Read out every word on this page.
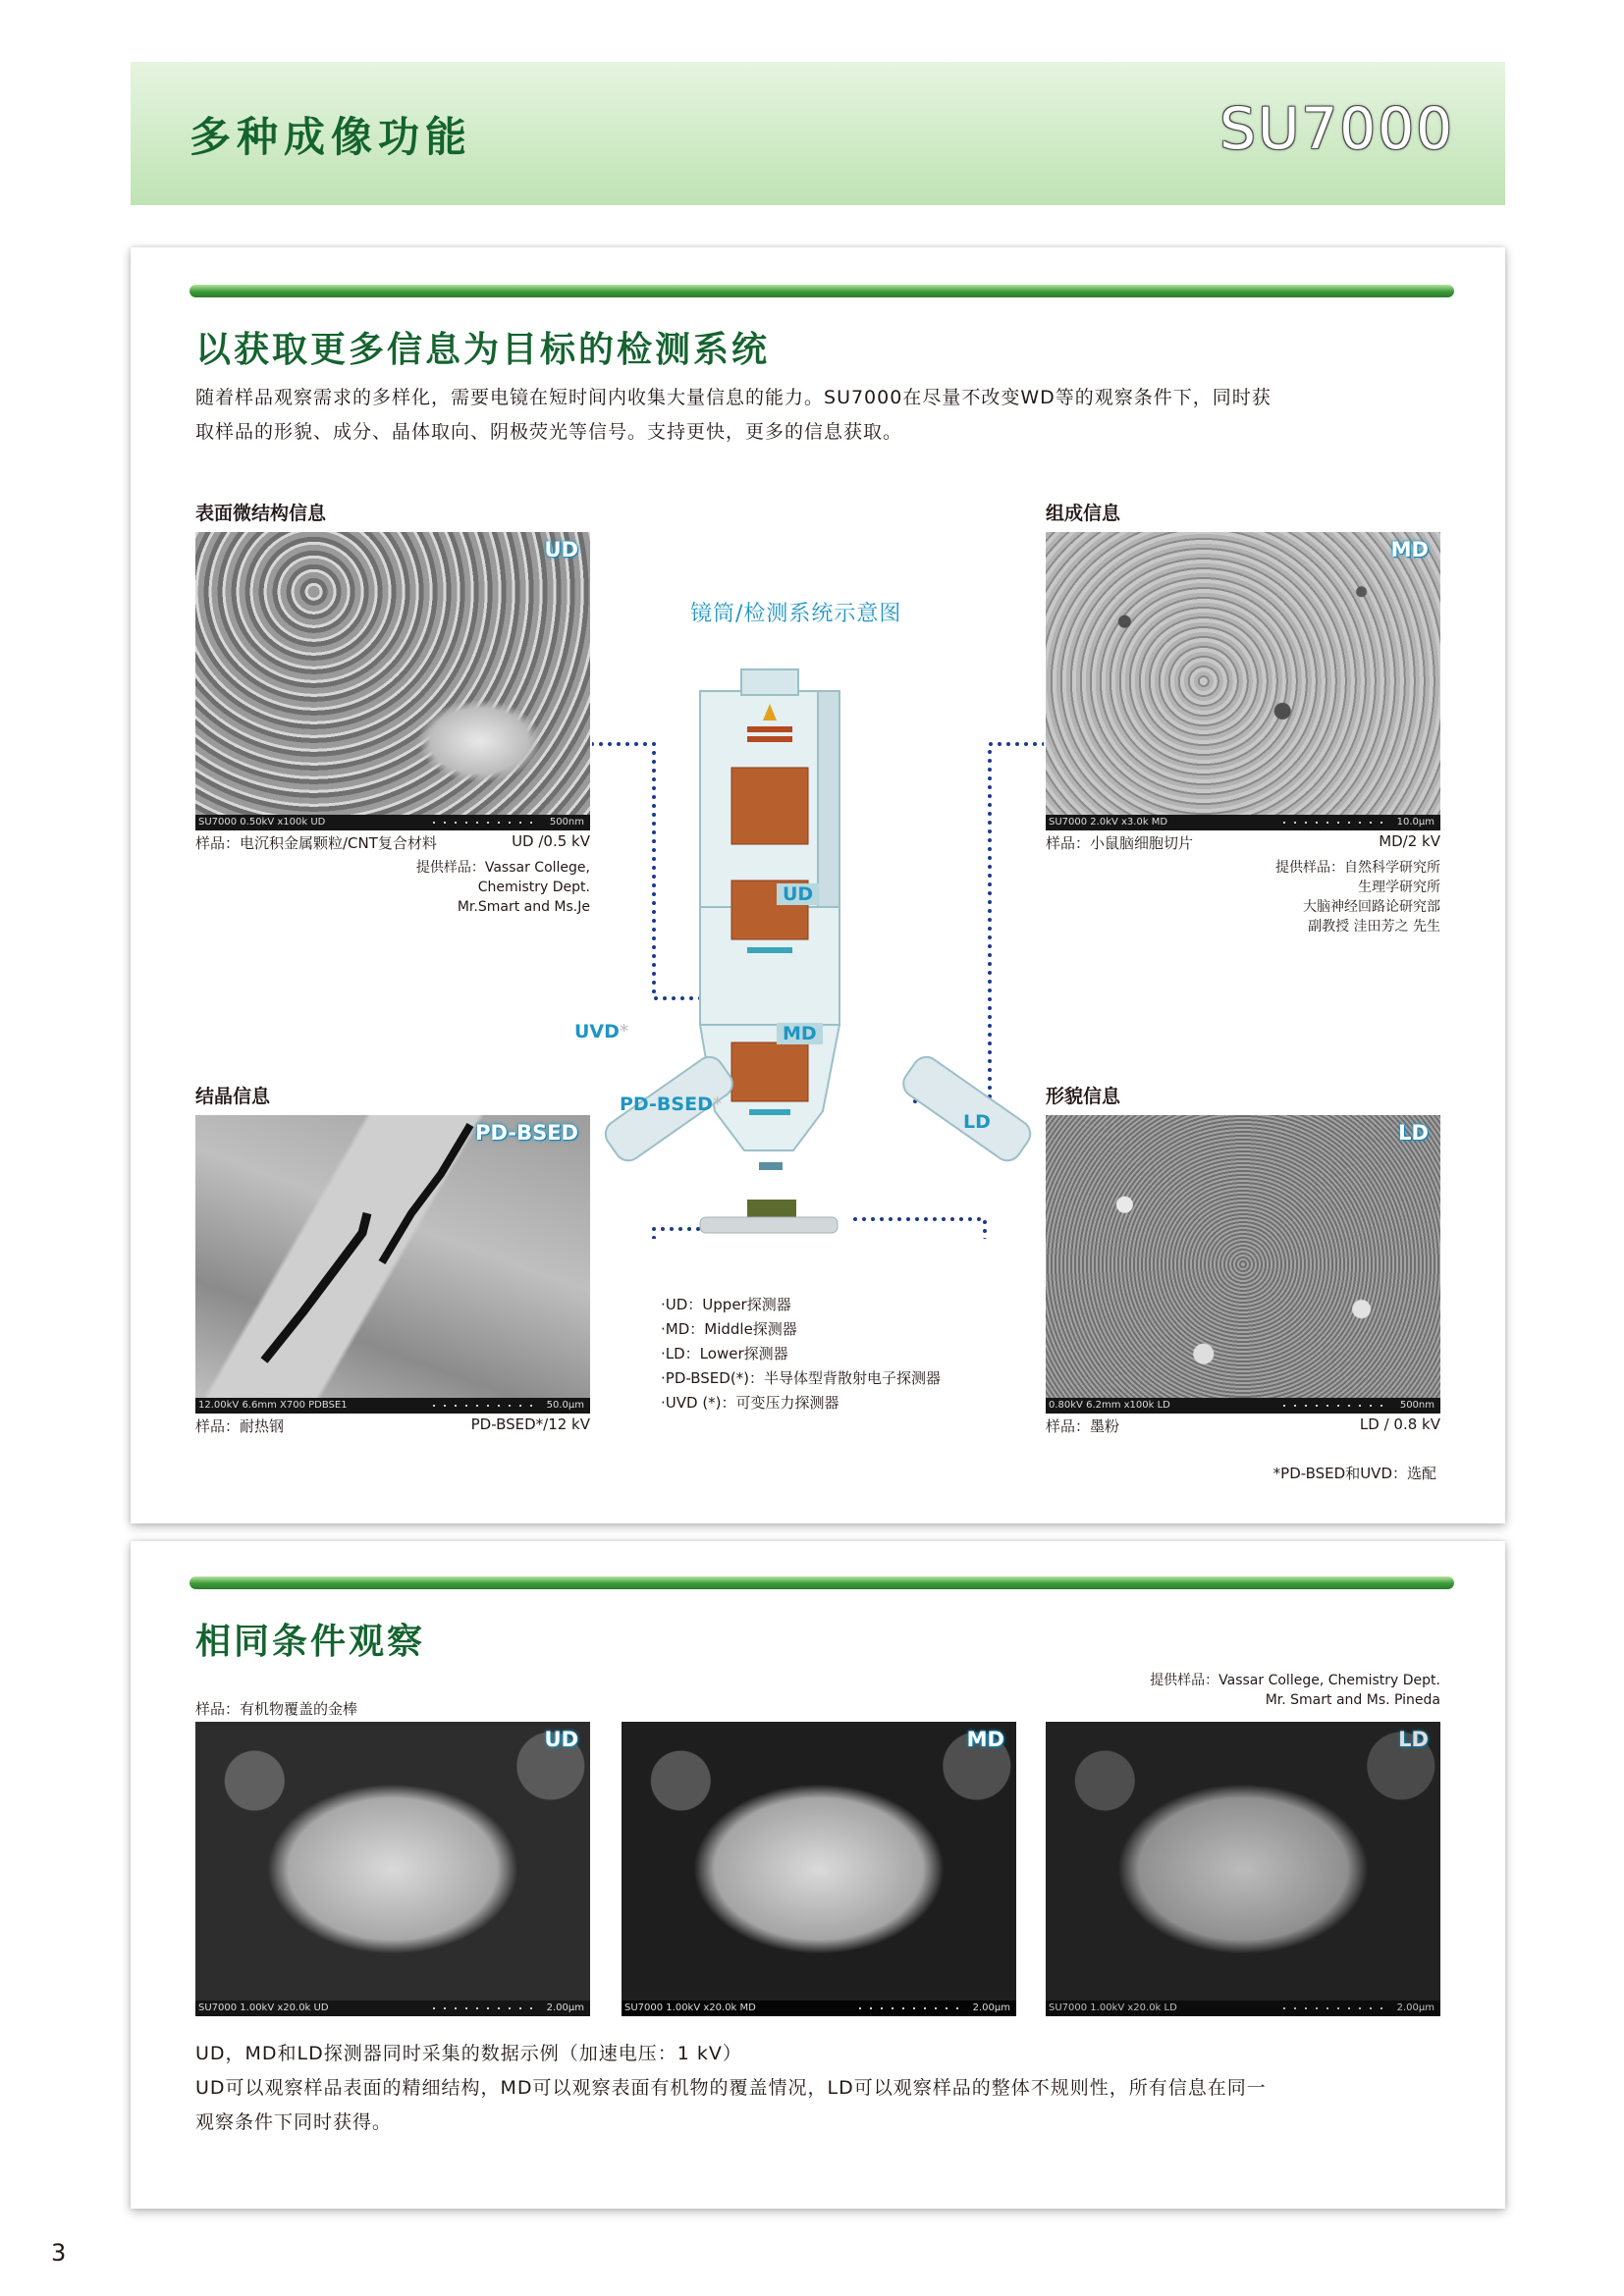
多种成像功能	SU7000
以获取更多信息为目标的检测系统
随着样品观察需求的多样化，需要电镜在短时间内收集大量信息的能力。SU7000在尽量不改变WD等的观察条件下，同时获
取样品的形貌、成分、晶体取向、阴极荧光等信号。支持更快，更多的信息获取。
表面微结构信息
UD
SU7000 0.50kV x100k UD	500nm
样品：电沉积金属颗粒/CNT复合材料	UD /0.5 kV
提供样品：Vassar College,
Chemistry Dept.
Mr.Smart and Ms.Je
组成信息
MD
SU7000 2.0kV x3.0k MD	10.0μm
样品：小鼠脑细胞切片	MD/2 kV
提供样品：自然科学研究所
生理学研究所
大脑神经回路论研究部
副教授 洼田芳之 先生
结晶信息
PD-BSED
12.00kV 6.6mm X700 PDBSE1	50.0μm
样品：耐热钢	PD-BSED*/12 kV
形貌信息
LD
0.80kV 6.2mm x100k LD	500nm
样品：墨粉	LD / 0.8 kV
镜筒/检测系统示意图
UD
MD
UVD*
PD-BSED*
LD
·UD：Upper探测器
·MD：Middle探测器
·LD：Lower探测器
·PD-BSED(*)：半导体型背散射电子探测器
·UVD (*)：可变压力探测器
*PD-BSED和UVD：选配
相同条件观察
提供样品：Vassar College, Chemistry Dept.
Mr. Smart and Ms. Pineda
样品：有机物覆盖的金棒
UD
SU7000 1.00kV x20.0k UD	2.00μm
MD
SU7000 1.00kV x20.0k MD	2.00μm
LD
SU7000 1.00kV x20.0k LD	2.00μm
UD，MD和LD探测器同时采集的数据示例（加速电压：1 kV）
UD可以观察样品表面的精细结构，MD可以观察表面有机物的覆盖情况，LD可以观察样品的整体不规则性，所有信息在同一
观察条件下同时获得。
3
